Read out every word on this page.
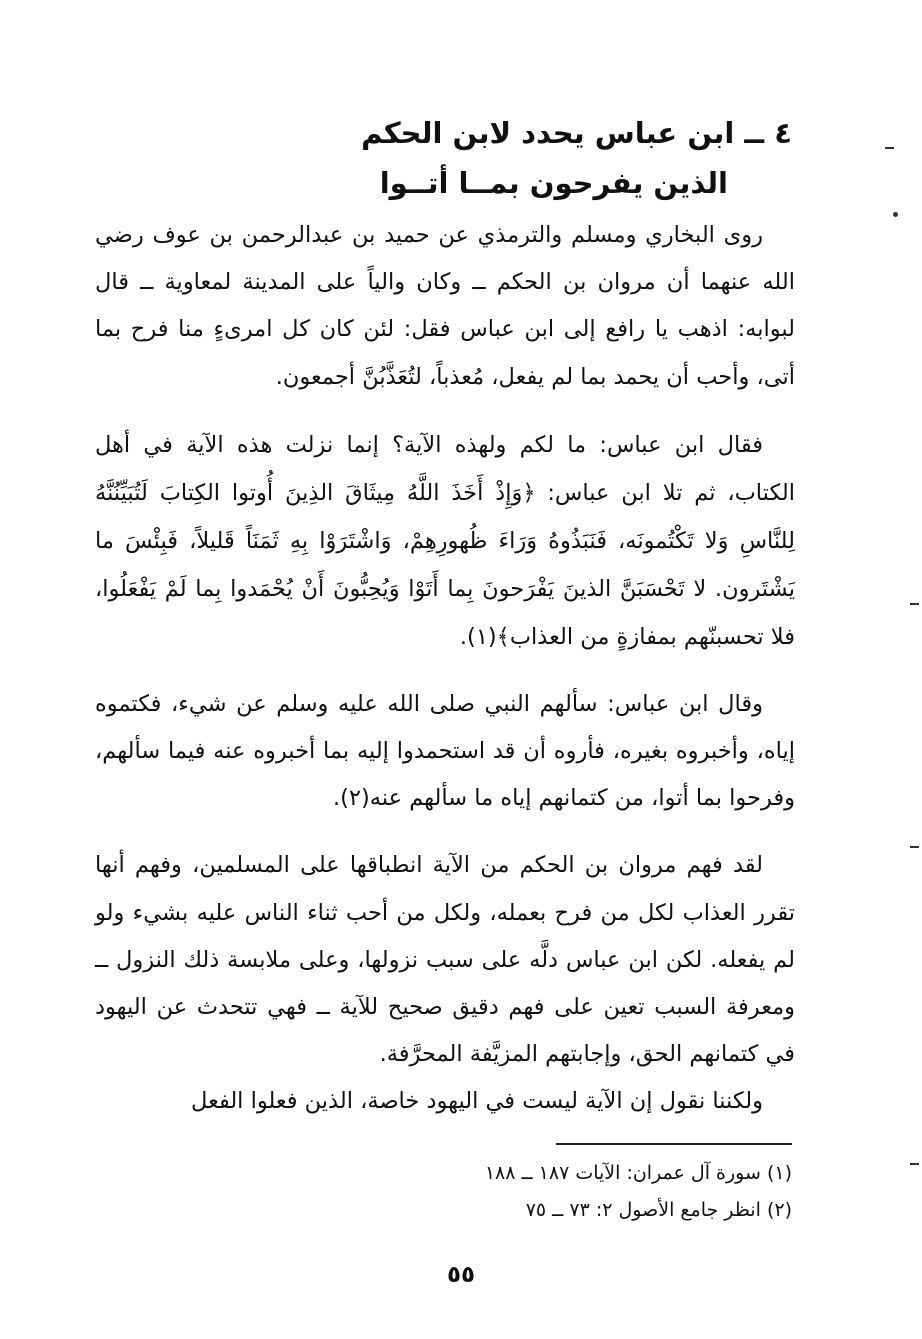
٤ ــ ابن عباس يحدد لابن الحكم
الذين يفرحون بمــا أتــوا

روى البخاري ومسلم والترمذي عن حميد بن عبدالرحمن بن عوف رضي الله عنهما أن مروان بن الحكم ــ وكان والياً على المدينة لمعاوية ــ قال لبوابه: اذهب يا رافع إلى ابن عباس فقل: لئن كان كل امرىءٍ منا فرح بما أتى، وأحب أن يحمد بما لم يفعل، مُعذباً، لتُعَذَّبُنَّ أجمعون.

فقال ابن عباس: ما لكم ولهذه الآية؟ إنما نزلت هذه الآية في أهل الكتاب، ثم تلا ابن عباس: ﴿وَإِذْ أَخَذَ اللَّهُ مِيثَاقَ الذِينَ أُوتوا الكِتابَ لَتُبَيِّنُنَّهُ لِلنَّاسِ وَلا تَكْتُمونَه، فَنَبَذُوهُ وَرَاءَ ظُهورِهِمْ، وَاشْتَرَوْا بِهِ ثَمَنَاً قَليلاً، فَبِئْسَ ما يَشْتَرون. لا تَحْسَبَنَّ الذينَ يَفْرَحونَ بِما أَتَوْا وَيُحِبُّونَ أَنْ يُحْمَدوا بِما لَمْ يَفْعَلُوا، فلا تحسبنّهم بمفازةٍ من العذاب﴾(١).

وقال ابن عباس: سألهم النبي صلى الله عليه وسلم عن شيء، فكتموه إياه، وأخبروه بغيره، فأروه أن قد استحمدوا إليه بما أخبروه عنه فيما سألهم، وفرحوا بما أتوا، من كتمانهم إياه ما سألهم عنه(٢).

لقد فهم مروان بن الحكم من الآية انطباقها على المسلمين، وفهم أنها تقرر العذاب لكل من فرح بعمله، ولكل من أحب ثناء الناس عليه بشيء ولو لم يفعله. لكن ابن عباس دلَّه على سبب نزولها، وعلى ملابسة ذلك النزول ــ ومعرفة السبب تعين على فهم دقيق صحيح للآية ــ فهي تتحدث عن اليهود في كتمانهم الحق، وإجابتهم المزيَّفة المحرَّفة.

ولكننا نقول إن الآية ليست في اليهود خاصة، الذين فعلوا الفعل

(١) سورة آل عمران: الآيات ١٨٧ ــ ١٨٨
(٢) انظر جامع الأصول ٢: ٧٣ ــ ٧٥
٥٥
